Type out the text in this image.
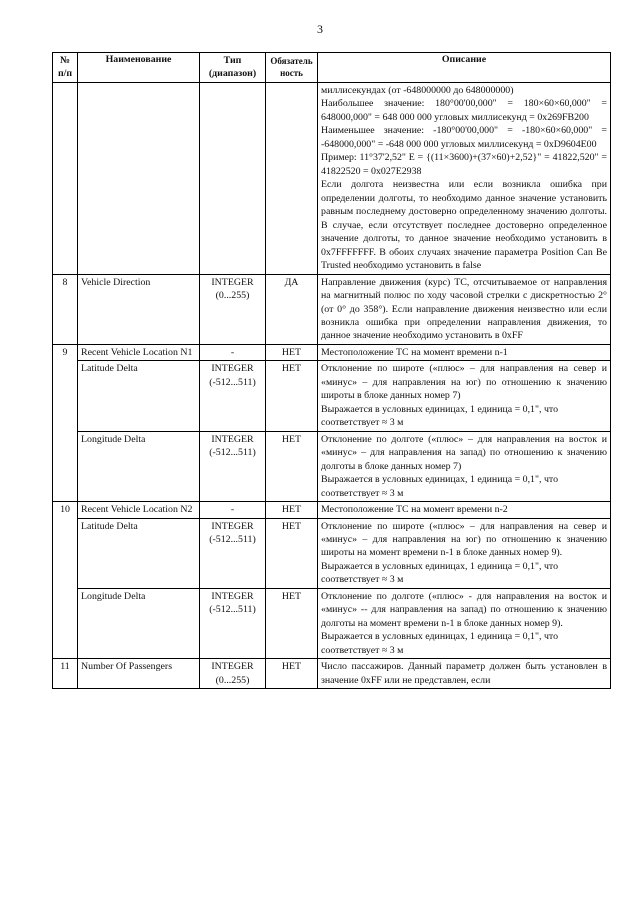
3
№ п/п	Наименование	Тип (диапазон)	Обязательность	Описание

				миллисекундах (от -648000000 до 648000000)

Наибольшее значение: 180°00'00,000" = 180×60×60,000" = 648000,000" = 648 000 000 угловых миллисекунд = 0x269FB200

Наименьшее значение: -180°00'00,000" = -180×60×60,000" = -648000,000" = -648 000 000 угловых миллисекунд = 0xD9604E00

Пример: 11°37'2,52" E = {(11×3600)+(37×60)+2,52}" = 41822,520" = 41822520 = 0x027E2938

Если долгота неизвестна или если возникла ошибка при определении долготы, то необходимо данное значение установить равным последнему достоверно определенному значению долготы. В случае, если отсутствует последнее достоверно определенное значение долготы, то данное значение необходимо установить в 0x7FFFFFFF. В обоих случаях значение параметра Position Can Be Trusted необходимо установить в false

8	Vehicle Direction	INTEGER (0...255)	ДА	Направление движения (курс) ТС, отсчитываемое от направления на магнитный полюс по ходу часовой стрелки с дискретностью 2° (от 0° до 358°). Если направление движения неизвестно или если возникла ошибка при определении направления движения, то данное значение необходимо установить в 0xFF

9	Recent Vehicle Location N1	-	НЕТ	Местоположение ТС на момент времени n-1

	Latitude Delta	INTEGER (-512...511)	НЕТ	Отклонение по широте («плюс» – для направления на север и «минус» – для направления на юг) по отношению к значению широты в блоке данных номер 7)

Выражается в условных единицах, 1 единица = 0,1", что соответствует ≈ 3 м

	Longitude Delta	INTEGER (-512...511)	НЕТ	Отклонение по долготе («плюс» – для направления на восток и «минус» – для направления на запад) по отношению к значению долготы в блоке данных номер 7)

Выражается в условных единицах, 1 единица = 0,1", что соответствует ≈ 3 м

10	Recent Vehicle Location N2	-	НЕТ	Местоположение ТС на момент времени n-2

	Latitude Delta	INTEGER (-512...511)	НЕТ	Отклонение по широте («плюс» – для направления на север и «минус» – для направления на юг) по отношению к значению широты на момент времени n-1 в блоке данных номер 9).

Выражается в условных единицах, 1 единица = 0,1", что соответствует ≈ 3 м

	Longitude Delta	INTEGER (-512...511)	НЕТ	Отклонение по долготе («плюс» - для направления на восток и «минус» -- для направления на запад) по отношению к значению долготы на момент времени n-1 в блоке данных номер 9).

Выражается в условных единицах, 1 единица = 0,1", что соответствует ≈ 3 м

11	Number Of Passengers	INTEGER (0...255)	НЕТ	Число пассажиров. Данный параметр должен быть установлен в значение 0xFF или не представлен, если
